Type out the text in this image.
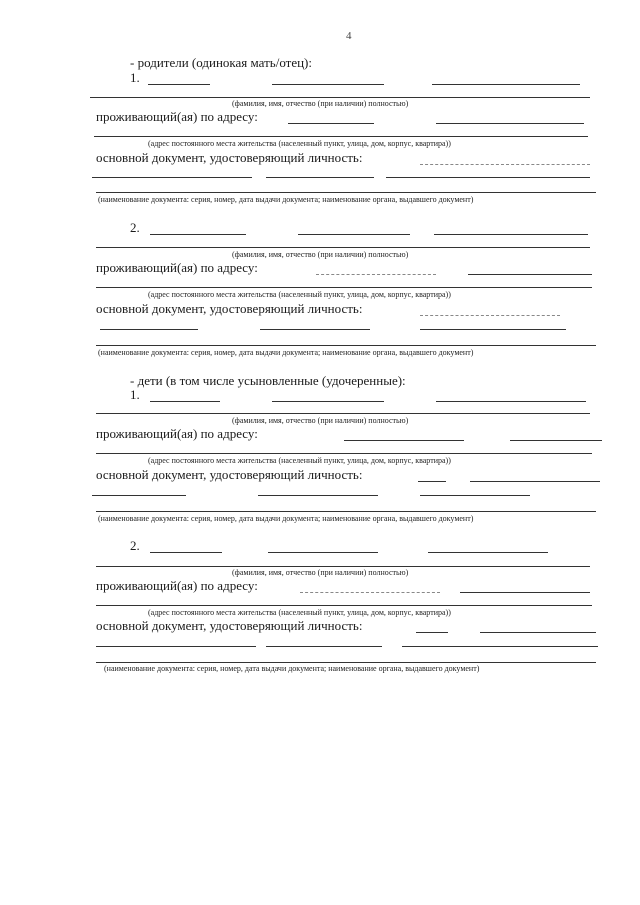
4
- родители (одинокая мать/отец):
1.
(фамилия, имя, отчество (при наличии) полностью)
проживающий(ая) по адресу:
(адрес постоянного места жительства (населенный пункт, улица, дом, корпус, квартира))
основной документ, удостоверяющий личность:
(наименование документа: серия, номер, дата выдачи документа; наименование органа, выдавшего документ)
2.
(фамилия, имя, отчество (при наличии) полностью)
проживающий(ая) по адресу:
(адрес постоянного места жительства (населенный пункт, улица, дом, корпус, квартира))
основной документ, удостоверяющий личность:
(наименование документа: серия, номер, дата выдачи документа; наименование органа, выдавшего документ)
- дети (в том числе усыновленные (удочеренные):
1.
(фамилия, имя, отчество (при наличии) полностью)
проживающий(ая) по адресу:
(адрес постоянного места жительства (населенный пункт, улица, дом, корпус, квартира))
основной документ, удостоверяющий личность:
(наименование документа: серия, номер, дата выдачи документа; наименование органа, выдавшего документ)
2.
(фамилия, имя, отчество (при наличии) полностью)
проживающий(ая) по адресу:
(адрес постоянного места жительства (населенный пункт, улица, дом, корпус, квартира))
основной документ, удостоверяющий личность:
(наименование документа: серия, номер, дата выдачи документа; наименование органа, выдавшего документ)
